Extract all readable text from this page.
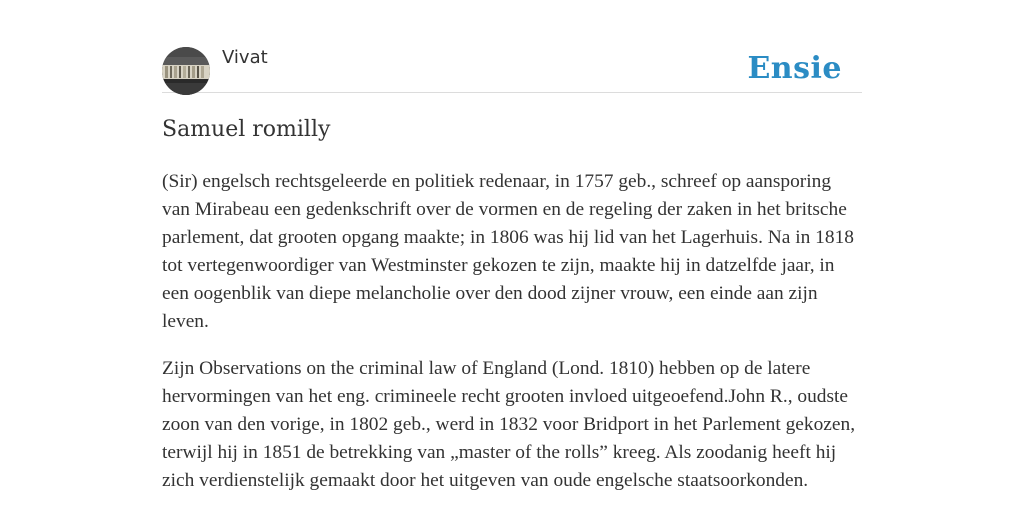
Vivat	Ensie
Samuel romilly

(Sir) engelsch rechtsgeleerde en politiek redenaar, in 1757 geb., schreef op aansporing van Mirabeau een gedenkschrift over de vormen en de regeling der zaken in het britsche parlement, dat grooten opgang maakte; in 1806 was hij lid van het Lagerhuis. Na in 1818 tot vertegenwoordiger van Westminster gekozen te zijn, maakte hij in datzelfde jaar, in een oogenblik van diepe melancholie over den dood zijner vrouw, een einde aan zijn leven.

Zijn Observations on the criminal law of England (Lond. 1810) hebben op de latere hervormingen van het eng. crimineele recht grooten invloed uitgeoefend.John R., oudste zoon van den vorige, in 1802 geb., werd in 1832 voor Bridport in het Parlement gekozen, terwijl hij in 1851 de betrekking van „master of the rolls” kreeg. Als zoodanig heeft hij zich verdienstelijk gemaakt door het uitgeven van oude engelsche staatsoorkonden.
